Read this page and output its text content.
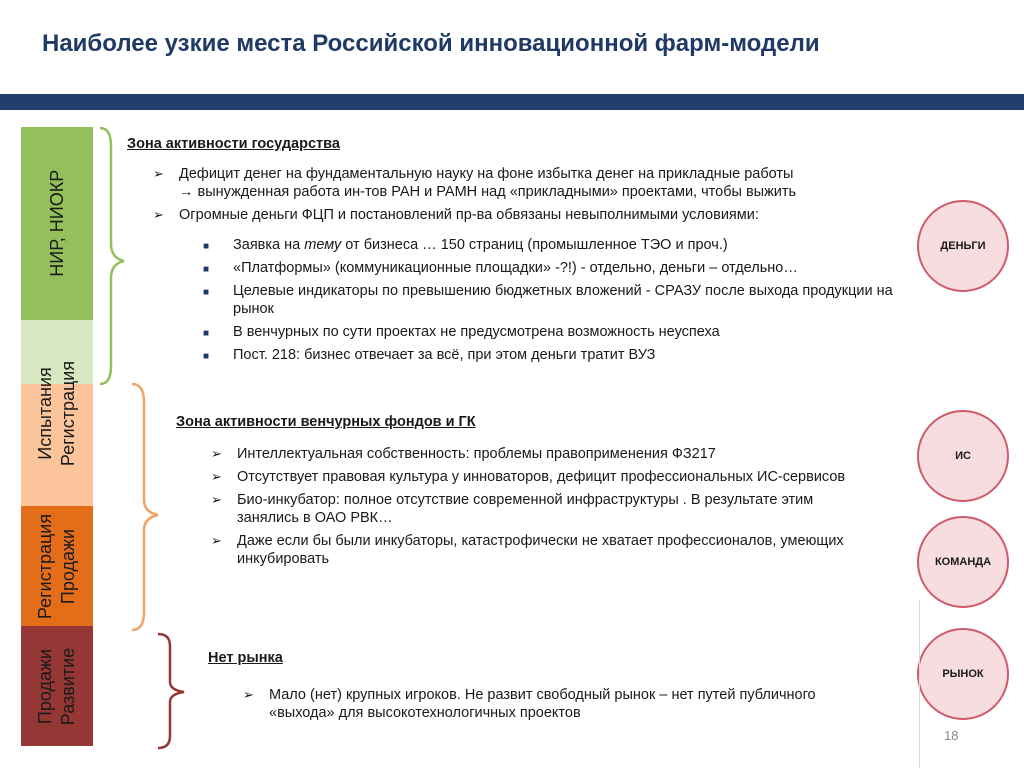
Наиболее узкие места Российской инновационной фарм-модели
НИР, НИОКР
Испытания Регистрация
Регистрация Продажи
Продажи Развитие
Зона активности государства
➢ Дефицит денег на фундаментальную науку на фоне избытка денег на прикладные работы
→ вынужденная работа ин-тов РАН и РАМН над «прикладными» проектами, чтобы выжить
➢ Огромные деньги ФЦП и постановлений пр-ва обвязаны невыполнимыми условиями:
■ Заявка на тему от бизнеса … 150 страниц (промышленное ТЭО и проч.)
■ «Платформы» (коммуникационные площадки» -?!) - отдельно, деньги – отдельно…
■ Целевые индикаторы по превышению бюджетных вложений - СРАЗУ после выхода продукции на рынок
■ В венчурных по сути проектах не предусмотрена возможность неуспеха
■ Пост. 218: бизнес отвечает за всё, при этом деньги тратит ВУЗ
Зона активности венчурных фондов и ГК
➢ Интеллектуальная собственность: проблемы правоприменения ФЗ217
➢ Отсутствует правовая культура у инноваторов, дефицит профессиональных ИС-сервисов
➢ Био-инкубатор: полное отсутствие современной инфраструктуры . В результате этим занялись в ОАО РВК…
➢ Даже если бы были инкубаторы, катастрофически не хватает профессионалов, умеющих инкубировать
Нет рынка
➢ Мало (нет) крупных игроков. Не развит свободный рынок – нет путей публичного «выхода» для высокотехнологичных проектов
ДЕНЬГИ
ИС
КОМАНДА
РЫНОК
18
